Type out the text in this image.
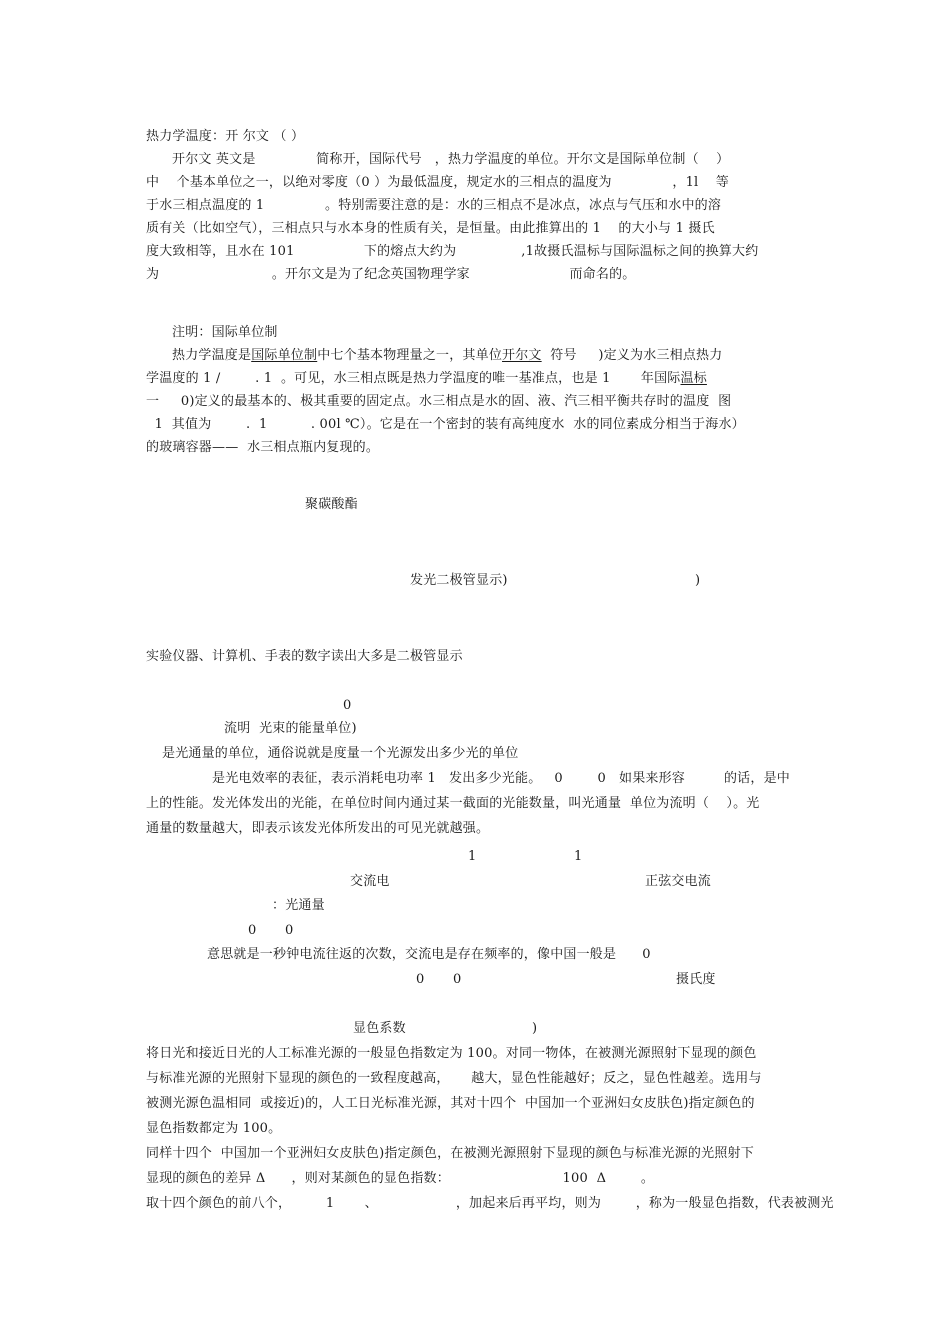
热力学温度：开 尔文 （ ）
开尔文 英文是              简称开，国际代号   ，热力学温度的单位。开尔文是国际单位制（    ）
中    个基本单位之一，以绝对零度（0 ）为最低温度，规定水的三相点的温度为              ，1l    等
于水三相点温度的 1              。特别需要注意的是：水的三相点不是冰点，冰点与气压和水中的溶
质有关（比如空气），三相点只与水本身的性质有关，是恒量。由此推算出的 1    的大小与 1 摄氏
度大致相等，且水在 101                下的熔点大约为               ,1故摄氏温标与国际温标之间的换算大约
为                          。开尔文是为了纪念英国物理学家                       而命名的。
注明：国际单位制
热力学温度是国际单位制中七个基本物理量之一，其单位开尔文  符号     )定义为水三相点热力
学温度的 1 /        . 1  。可见，水三相点既是热力学温度的唯一基准点，也是 1       年国际温标
一     0)定义的最基本的、极其重要的固定点。水三相点是水的固、液、汽三相平衡共存时的温度  图
1  其值为        .  1          . 00l ℃）。它是在一个密封的装有高纯度水  水的同位素成分相当于海水）
的玻璃容器——  水三相点瓶内复现的。
聚碳酸酯
发光二极管显示)	)
实验仪器、计算机、手表的数字读出大多是二极管显示
0
流明  光束的能量单位)
是光通量的单位，通俗说就是度量一个光源发出多少光的单位
是光电效率的表征，表示消耗电功率 1   发出多少光能。   0        0   如果来形容         的话，是中
上的性能。发光体发出的光能，在单位时间内通过某一截面的光能数量，叫光通量  单位为流明（    ）。光
通量的数量越大，即表示该发光体所发出的可见光就越强。
1	1
交流电	正弦交电流
：光通量
0 0
意思就是一秒钟电流往返的次数，交流电是存在频率的，像中国一般是      0
0 0	摄氏度
显色系数	)
将日光和接近日光的人工标准光源的一般显色指数定为 100。对同一物体，在被测光源照射下显现的颜色
与标准光源的光照射下显现的颜色的一致程度越高，     越大，显色性能越好；反之，显色性越差。选用与
被测光源色温相同  或接近)的，人工日光标准光源，其对十四个  中国加一个亚洲妇女皮肤色)指定颜色的
显色指数都定为 100。
同样十四个  中国加一个亚洲妇女皮肤色)指定颜色，在被测光源照射下显现的颜色与标准光源的光照射下
显现的颜色的差异 Δ      ，则对某颜色的显色指数：                          100  Δ        。
取十四个颜色的前八个，        1       、                  ，加起来后再平均，则为        ，称为一般显色指数，代表被测光
